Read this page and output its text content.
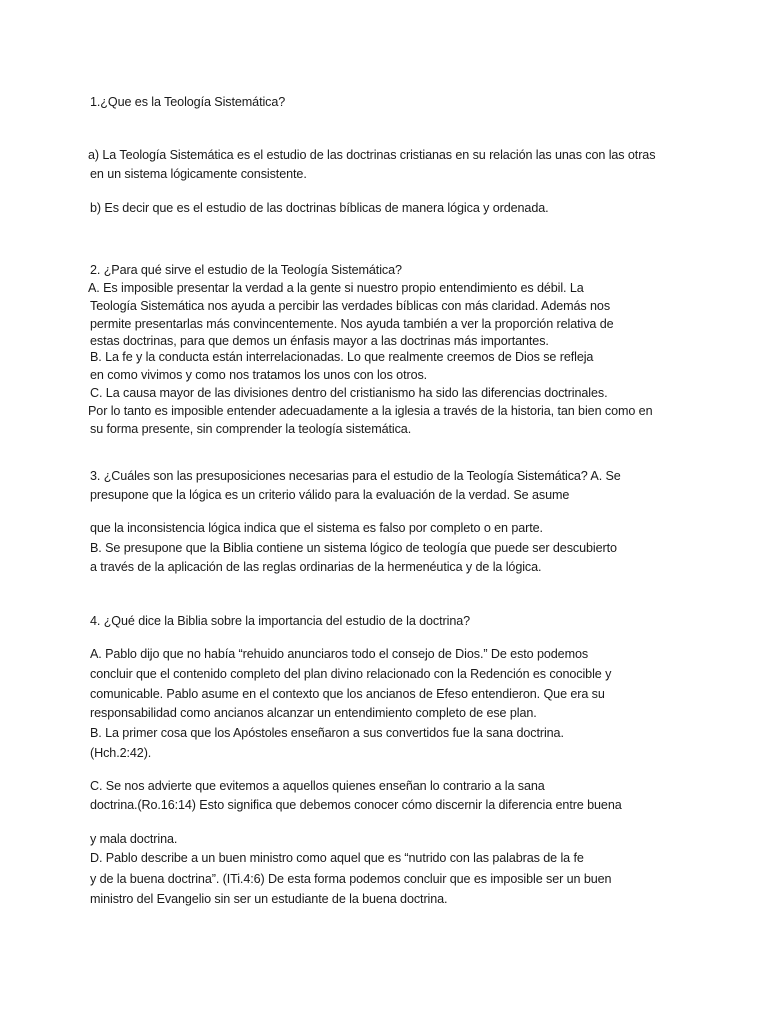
1.¿Que es la Teología Sistemática?
a) La Teología Sistemática es el estudio de las doctrinas cristianas en su relación las unas con las otras
en un sistema lógicamente consistente.
b) Es decir que es el estudio de las doctrinas bíblicas de manera lógica y ordenada.
2. ¿Para qué sirve el estudio de la Teología Sistemática?
A. Es imposible presentar la verdad a la gente si nuestro propio entendimiento es débil. La
Teología Sistemática nos ayuda a percibir las verdades bíblicas con más claridad. Además nos
permite presentarlas más convincentemente. Nos ayuda también a ver la proporción relativa de
estas doctrinas, para que demos un énfasis mayor a las doctrinas más importantes.
B. La fe y la conducta están interrelacionadas. Lo que realmente creemos de Dios se refleja
en como vivimos y como nos tratamos los unos con los otros.
C. La causa mayor de las divisiones dentro del cristianismo ha sido las diferencias doctrinales.
Por lo tanto es imposible entender adecuadamente a la iglesia a través de la historia, tan bien como en
su forma presente, sin comprender la teología sistemática.
3. ¿Cuáles son las presuposiciones necesarias para el estudio de la Teología Sistemática? A. Se
presupone que la lógica es un criterio válido para la evaluación de la verdad. Se asume
que la inconsistencia lógica indica que el sistema es falso por completo o en parte.
B. Se presupone que la Biblia contiene un sistema lógico de teología que puede ser descubierto
a través de la aplicación de las reglas ordinarias de la hermenéutica y de la lógica.
4. ¿Qué dice la Biblia sobre la importancia del estudio de la doctrina?
A. Pablo dijo que no había “rehuido anunciaros todo el consejo de Dios.” De esto podemos
concluir que el contenido completo del plan divino relacionado con la Redención es conocible y
comunicable. Pablo asume en el contexto que los ancianos de Efeso entendieron. Que era su
responsabilidad como ancianos alcanzar un entendimiento completo de ese plan.
B. La primer cosa que los Apóstoles enseñaron a sus convertidos fue la sana doctrina.
(Hch.2:42).
C. Se nos advierte que evitemos a aquellos quienes enseñan lo contrario a la sana
doctrina.(Ro.16:14) Esto significa que debemos conocer cómo discernir la diferencia entre buena
y mala doctrina.
D. Pablo describe a un buen ministro como aquel que es “nutrido con las palabras de la fe
y de la buena doctrina”. (ITi.4:6) De esta forma podemos concluir que es imposible ser un buen
ministro del Evangelio sin ser un estudiante de la buena doctrina.
